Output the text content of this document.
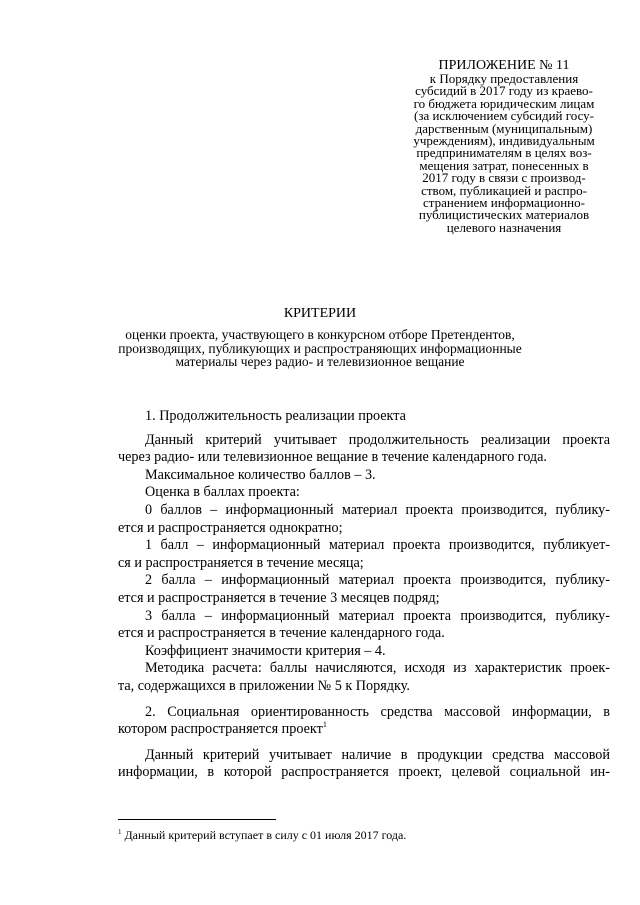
ПРИЛОЖЕНИЕ № 11
к Порядку предоставления
субсидий в 2017 году из краево-
го бюджета юридическим лицам
(за исключением субсидий госу-
дарственным (муниципальным)
учреждениям), индивидуальным
предпринимателям в целях воз-
мещения затрат, понесенных в
2017 году в связи с производ-
ством, публикацией и распро-
странением информационно-
публицистических материалов
целевого назначения
КРИТЕРИИ
оценки проекта, участвующего в конкурсном отборе Претендентов,
производящих, публикующих и распространяющих информационные
материалы через радио- и телевизионное вещание

1. Продолжительность реализации проекта

Данный критерий учитывает продолжительность реализации проекта

через радио- или телевизионное вещание в течение календарного года.

Максимальное количество баллов – 3.

Оценка в баллах проекта:

0 баллов – информационный материал проекта производится, публику-

ется и распространяется однократно;

1 балл – информационный материал проекта производится, публикует-

ся и распространяется в течение месяца;

2 балла – информационный материал проекта производится, публику-

ется и распространяется в течение 3 месяцев подряд;

3 балла – информационный материал проекта производится, публику-

ется и распространяется в течение календарного года.

Коэффициент значимости критерия – 4.

Методика расчета: баллы начисляются, исходя из характеристик проек-

та, содержащихся в приложении № 5 к Порядку.

2. Социальная ориентированность средства массовой информации, в

котором распространяется проект$^1$

Данный критерий учитывает наличие в продукции средства массовой

информации, в которой распространяется проект, целевой социальной ин-

$^1$ Данный критерий вступает в силу с 01 июля 2017 года.
